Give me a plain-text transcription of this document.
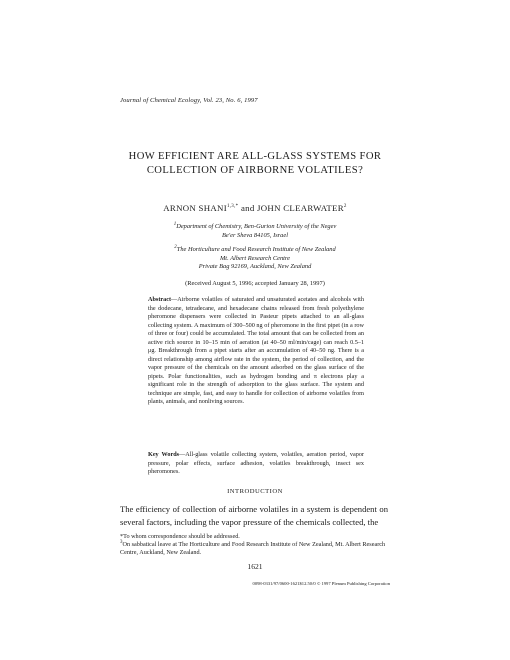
Journal of Chemical Ecology, Vol. 23, No. 6, 1997
HOW EFFICIENT ARE ALL-GLASS SYSTEMS FOR
COLLECTION OF AIRBORNE VOLATILES?
ARNON $SHANI^{1,3,*}$ and JOHN CLEARWATER$^2$
$^1$Department of Chemistry, Ben-Gurion University of the Negev
Be'er Sheva 84105, Israel
$^2$The Horticulture and Food Research Institute of New Zealand
Mt. Albert Research Centre
Private Bag 92169, Auckland, New Zealand
(Received August 5, 1996; accepted January 28, 1997)

Abstract—Airborne volatiles of saturated and unsaturated acetates and alcohols with the dodecane, tetradecane, and hexadecane chains released from fresh polyethylene pheromone dispensers were collected in Pasteur pipets attached to an all-glass collecting system. A maximum of 300–500 ng of pheromone in the first pipet (in a row of three or four) could be accumulated. The total amount that can be collected from an active rich source in 10–15 min of aeration (at 40–50 ml/min/cage) can reach 0.5–1 μg. Breakthrough from a pipet starts after an accumulation of 40–50 ng. There is a direct relationship among airflow rate in the system, the period of collection, and the vapor pressure of the chemicals on the amount adsorbed on the glass surface of the pipets. Polar functionalities, such as hydrogen bonding and π electrons play a significant role in the strength of adsorption to the glass surface. The system and technique are simple, fast, and easy to handle for collection of airborne volatiles from plants, animals, and nonliving sources.

Key Words—All-glass volatile collecting system, volatiles, aeration period, vapor pressure, polar effects, surface adhesion, volatiles breakthrough, insect sex pheromones.

INTRODUCTION

The efficiency of collection of airborne volatiles in a system is dependent on several factors, including the vapor pressure of the chemicals collected, the

*To whom correspondence should be addressed.

$^3$On sabbatical leave at The Horticulture and Food Research Institute of New Zealand, Mt. Albert Research Centre, Auckland, New Zealand.

1621
0098-0331/97/0600-1621$12.50/0 © 1997 Plenum Publishing Corporation
